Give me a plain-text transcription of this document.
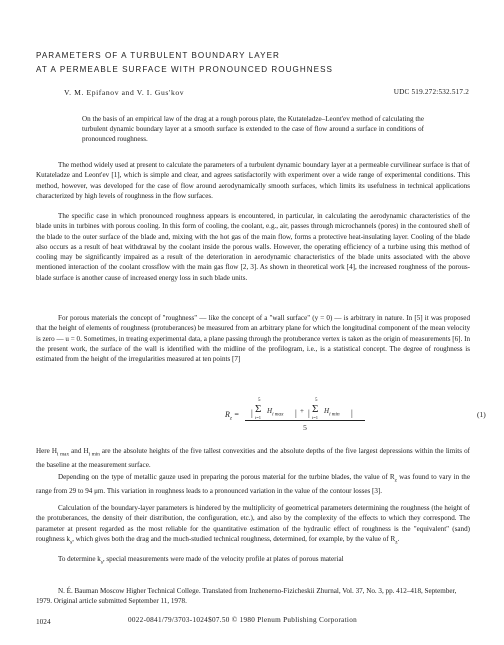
PARAMETERS OF A TURBULENT BOUNDARY LAYER
AT A PERMEABLE SURFACE WITH PRONOUNCED ROUGHNESS
V. M. Epifanov and V. I. Gus'kov	UDC 519.272:532.517.2

On the basis of an empirical law of the drag at a rough porous plate, the Kutateladze–Leont'ev method of calculating the turbulent dynamic boundary layer at a smooth surface is extended to the case of flow around a surface in conditions of pronounced roughness.

The method widely used at present to calculate the parameters of a turbulent dynamic boundary layer at a permeable curvilinear surface is that of Kutateladze and Leont'ev [1], which is simple and clear, and agrees satisfactorily with experiment over a wide range of experimental conditions. This method, however, was developed for the case of flow around aerodynamically smooth surfaces, which limits its usefulness in technical applications characterized by high levels of roughness in the flow surfaces.

The specific case in which pronounced roughness appears is encountered, in particular, in calculating the aerodynamic characteristics of the blade units in turbines with porous cooling. In this form of cooling, the coolant, e.g., air, passes through microchannels (pores) in the contoured shell of the blade to the outer surface of the blade and, mixing with the hot gas of the main flow, forms a protective heat-insulating layer. Cooling of the blade also occurs as a result of heat withdrawal by the coolant inside the porous walls. However, the operating efficiency of a turbine using this method of cooling may be significantly impaired as a result of the deterioration in aerodynamic characteristics of the blade units associated with the above mentioned interaction of the coolant crossflow with the main gas flow [2, 3]. As shown in theoretical work [4], the increased roughness of the porous-blade surface is another cause of increased energy loss in such blade units.

For porous materials the concept of "roughness" — like the concept of a "wall surface" (y = 0) — is arbitrary in nature. In [5] it was proposed that the height of elements of roughness (protuberances) be measured from an arbitrary plane for which the longitudinal component of the mean velocity is zero — u = 0. Sometimes, in treating experimental data, a plane passing through the protuberance vertex is taken as the origin of measurements [6]. In the present work, the surface of the wall is identified with the midline of the profilogram, i.e., is a statistical concept. The degree of roughness is estimated from the height of the irregularities measured at ten points [7]

$R_z$ = |
5
Σ
i=1
$H_{i max}$ | + |
5
Σ
i=1
$H_{i min}$ |
5
(1)

Here $H_{i max}$ and $H_{i min}$ are the absolute heights of the five tallest convexities and the absolute depths of the five largest depressions within the limits of the baseline at the measurement surface.

Depending on the type of metallic gauze used in preparing the porous material for the turbine blades, the value of $R_z$ was found to vary in the range from 29 to 94 μm. This variation in roughness leads to a pronounced variation in the value of the contour losses [3].

Calculation of the boundary-layer parameters is hindered by the multiplicity of geometrical parameters determining the roughness (the height of the protuberances, the density of their distribution, the configuration, etc.), and also by the complexity of the effects to which they correspond. The parameter at present regarded as the most reliable for the quantitative estimation of the hydraulic effect of roughness is the "equivalent" (sand) roughness $k_s$, which gives both the drag and the much-studied technical roughness, determined, for example, by the value of $R_z$.

To determine $k_s$, special measurements were made of the velocity profile at plates of porous material

N. É. Bauman Moscow Higher Technical College. Translated from Inzhenerno-Fizicheskii Zhurnal, Vol. 37, No. 3, pp. 412–418, September, 1979. Original article submitted September 11, 1978.

1024	0022-0841/79/3703-1024$07.50 © 1980 Plenum Publishing Corporation
